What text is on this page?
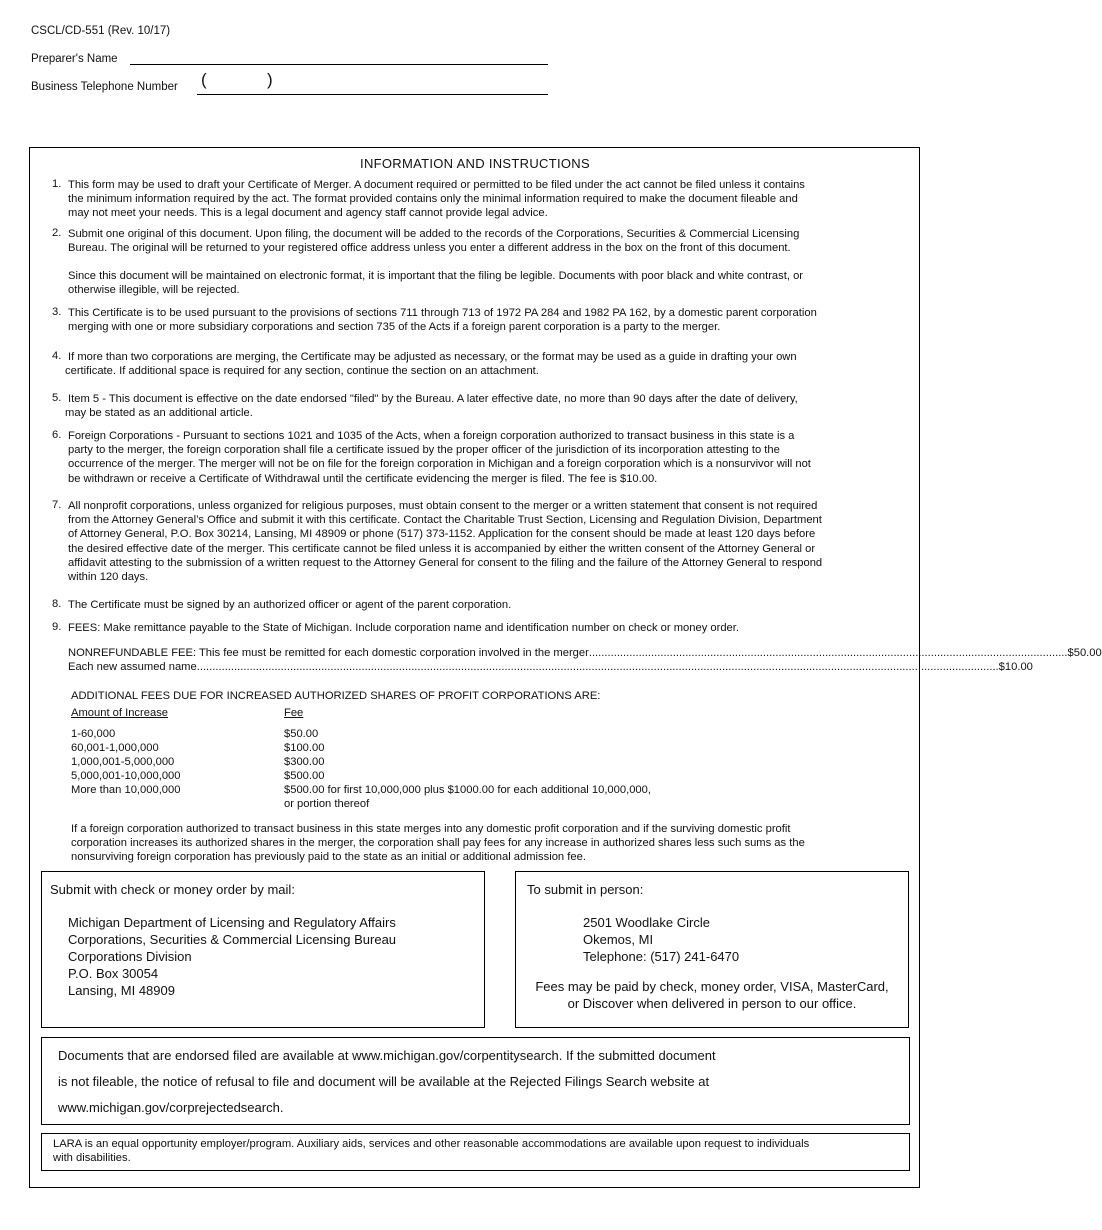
CSCL/CD-551 (Rev. 10/17)
Preparer's Name
Business Telephone Number (	)
INFORMATION AND INSTRUCTIONS
1. This form may be used to draft your Certificate of Merger. A document required or permitted to be filed under the act cannot be filed unless it contains
the minimum information required by the act. The format provided contains only the minimal information required to make the document fileable and
may not meet your needs. This is a legal document and agency staff cannot provide legal advice.
2. Submit one original of this document. Upon filing, the document will be added to the records of the Corporations, Securities & Commercial Licensing
Bureau. The original will be returned to your registered office address unless you enter a different address in the box on the front of this document.
Since this document will be maintained on electronic format, it is important that the filing be legible. Documents with poor black and white contrast, or
otherwise illegible, will be rejected.
3. This Certificate is to be used pursuant to the provisions of sections 711 through 713 of 1972 PA 284 and 1982 PA 162, by a domestic parent corporation
merging with one or more subsidiary corporations and section 735 of the Acts if a foreign parent corporation is a party to the merger.
4. If more than two corporations are merging, the Certificate may be adjusted as necessary, or the format may be used as a guide in drafting your own
certificate. If additional space is required for any section, continue the section on an attachment.
5. Item 5 - This document is effective on the date endorsed "filed" by the Bureau. A later effective date, no more than 90 days after the date of delivery,
may be stated as an additional article.
6. Foreign Corporations - Pursuant to sections 1021 and 1035 of the Acts, when a foreign corporation authorized to transact business in this state is a
party to the merger, the foreign corporation shall file a certificate issued by the proper officer of the jurisdiction of its incorporation attesting to the
occurrence of the merger. The merger will not be on file for the foreign corporation in Michigan and a foreign corporation which is a nonsurvivor will not
be withdrawn or receive a Certificate of Withdrawal until the certificate evidencing the merger is filed. The fee is $10.00.
7. All nonprofit corporations, unless organized for religious purposes, must obtain consent to the merger or a written statement that consent is not required
from the Attorney General’s Office and submit it with this certificate. Contact the Charitable Trust Section, Licensing and Regulation Division, Department
of Attorney General, P.O. Box 30214, Lansing, MI 48909 or phone (517) 373-1152. Application for the consent should be made at least 120 days before
the desired effective date of the merger. This certificate cannot be filed unless it is accompanied by either the written consent of the Attorney General or
affidavit attesting to the submission of a written request to the Attorney General for consent to the filing and the failure of the Attorney General to respond
within 120 days.
8. The Certificate must be signed by an authorized officer or agent of the parent corporation.
9. FEES: Make remittance payable to the State of Michigan. Include corporation name and identification number on check or money order.
NONREFUNDABLE FEE: This fee must be remitted for each domestic corporation involved in the merger .......................................................................................................................................................... $50.00
Each new assumed name .................................................................................................................................................................................................................................................................. $10.00
ADDITIONAL FEES DUE FOR INCREASED AUTHORIZED SHARES OF PROFIT CORPORATIONS ARE:
Amount of Increase	Fee
1-60,000
60,001-1,000,000
1,000,001-5,000,000
5,000,001-10,000,000
More than 10,000,000
$50.00
$100.00
$300.00
$500.00
$500.00 for first 10,000,000 plus $1000.00 for each additional 10,000,000,
or portion thereof
If a foreign corporation authorized to transact business in this state merges into any domestic profit corporation and if the surviving domestic profit
corporation increases its authorized shares in the merger, the corporation shall pay fees for any increase in authorized shares less such sums as the
nonsurviving foreign corporation has previously paid to the state as an initial or additional admission fee.
Submit with check or money order by mail:
Michigan Department of Licensing and Regulatory Affairs
Corporations, Securities & Commercial Licensing Bureau
Corporations Division
P.O. Box 30054
Lansing, MI 48909
To submit in person:
2501 Woodlake Circle
Okemos, MI
Telephone: (517) 241-6470
Fees may be paid by check, money order, VISA, MasterCard,
or Discover when delivered in person to our office.
Documents that are endorsed filed are available at www.michigan.gov/corpentitysearch. If the submitted document
is not fileable, the notice of refusal to file and document will be available at the Rejected Filings Search website at
www.michigan.gov/corprejectedsearch.
LARA is an equal opportunity employer/program. Auxiliary aids, services and other reasonable accommodations are available upon request to individuals
with disabilities.
